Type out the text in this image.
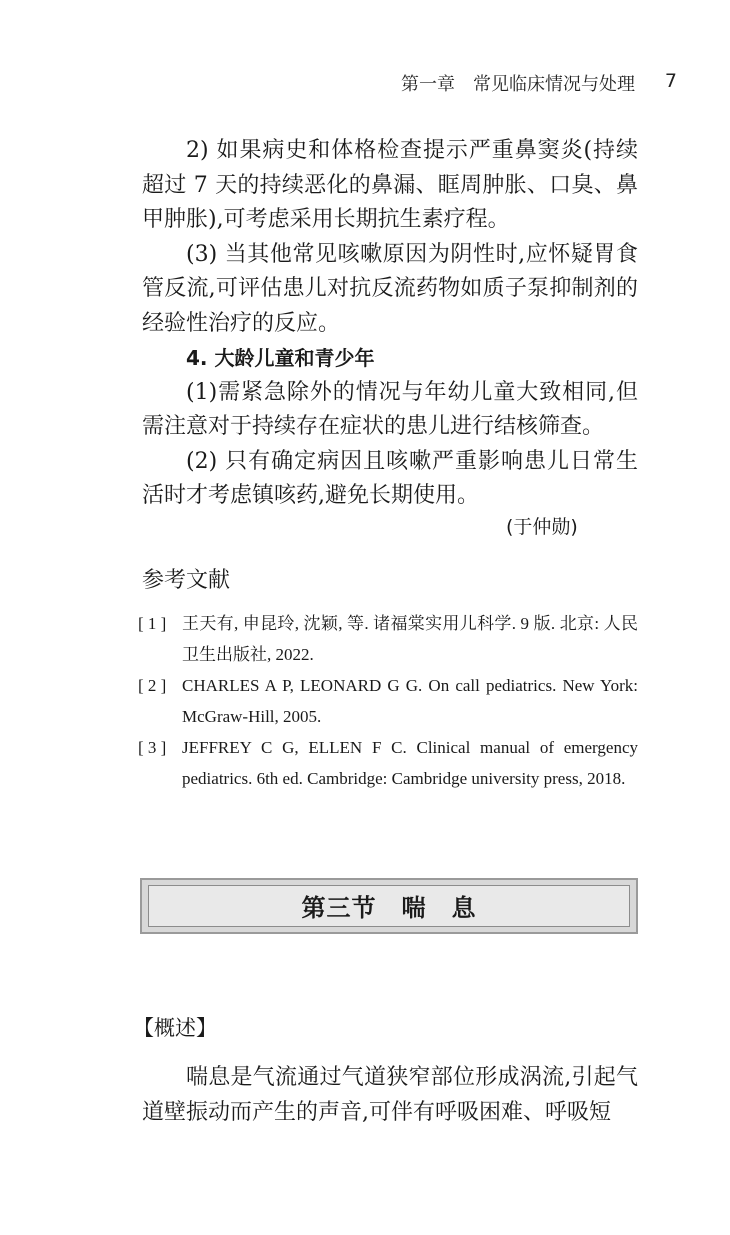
第一章　常见临床情况与处理 7

2) 如果病史和体格检查提示严重鼻窦炎(持续超过 7 天的持续恶化的鼻漏、眶周肿胀、口臭、鼻甲肿胀),可考虑采用长期抗生素疗程。

(3) 当其他常见咳嗽原因为阴性时,应怀疑胃食管反流,可评估患儿对抗反流药物如质子泵抑制剂的经验性治疗的反应。

4. 大龄儿童和青少年

(1)需紧急除外的情况与年幼儿童大致相同,但需注意对于持续存在症状的患儿进行结核筛查。

(2) 只有确定病因且咳嗽严重影响患儿日常生活时才考虑镇咳药,避免长期使用。

(于仲勋)
参考文献
[ 1 ] 王天有, 申昆玲, 沈颖, 等. 诸福棠实用儿科学. 9 版. 北京: 人民卫生出版社, 2022.
[ 2 ] CHARLES A P, LEONARD G G. On call pediatrics. New York: McGraw-Hill, 2005.
[ 3 ] JEFFREY C G, ELLEN F C. Clinical manual of emergency pediatrics. 6th ed. Cambridge: Cambridge university press, 2018.
第三节　喘　息
【概述】

喘息是气流通过气道狭窄部位形成涡流,引起气道壁振动而产生的声音,可伴有呼吸困难、呼吸短
